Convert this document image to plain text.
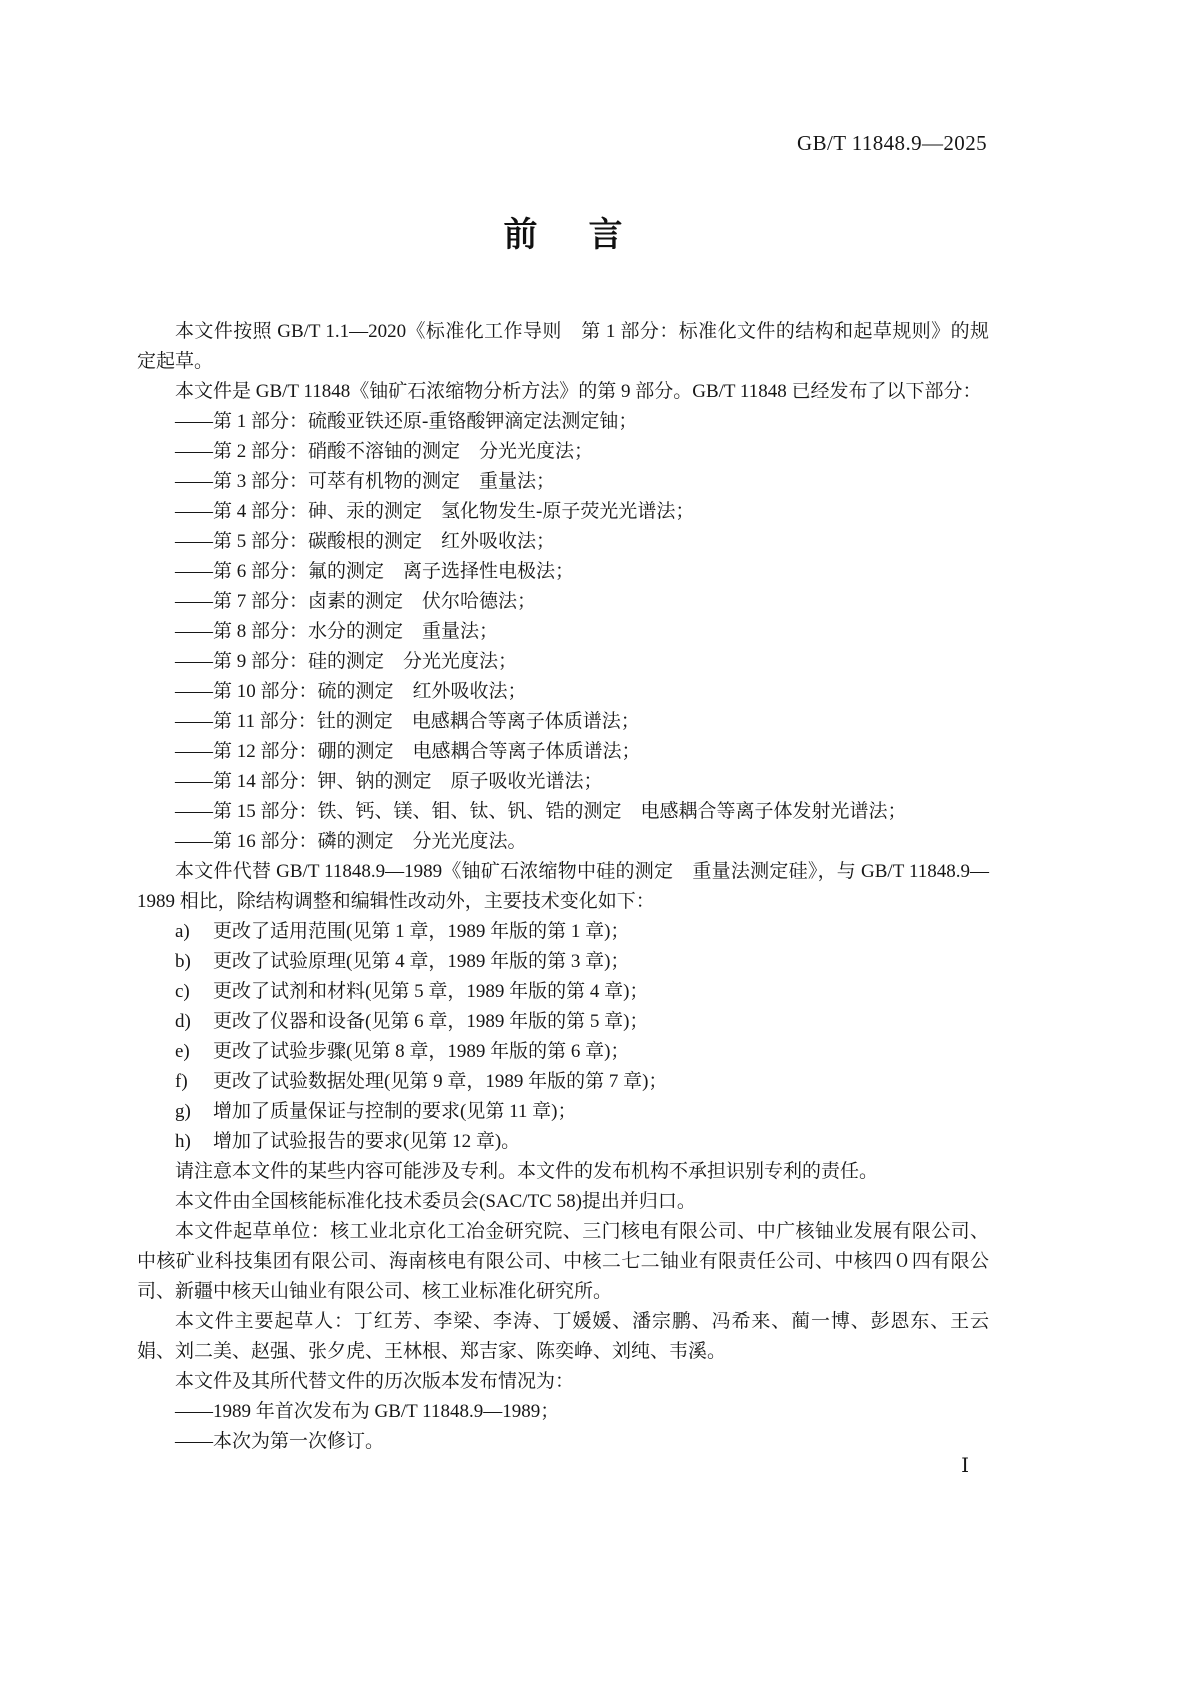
GB/T 11848.9—2025
前　言

本文件按照 GB/T 1.1—2020《标准化工作导则　第 1 部分：标准化文件的结构和起草规则》的规定起草。

本文件是 GB/T 11848《铀矿石浓缩物分析方法》的第 9 部分。GB/T 11848 已经发布了以下部分：

——第 1 部分：硫酸亚铁还原-重铬酸钾滴定法测定铀；

——第 2 部分：硝酸不溶铀的测定　分光光度法；

——第 3 部分：可萃有机物的测定　重量法；

——第 4 部分：砷、汞的测定　氢化物发生-原子荧光光谱法；

——第 5 部分：碳酸根的测定　红外吸收法；

——第 6 部分：氟的测定　离子选择性电极法；

——第 7 部分：卤素的测定　伏尔哈德法；

——第 8 部分：水分的测定　重量法；

——第 9 部分：硅的测定　分光光度法；

——第 10 部分：硫的测定　红外吸收法；

——第 11 部分：钍的测定　电感耦合等离子体质谱法；

——第 12 部分：硼的测定　电感耦合等离子体质谱法；

——第 14 部分：钾、钠的测定　原子吸收光谱法；

——第 15 部分：铁、钙、镁、钼、钛、钒、锆的测定　电感耦合等离子体发射光谱法；

——第 16 部分：磷的测定　分光光度法。

本文件代替 GB/T 11848.9—1989《铀矿石浓缩物中硅的测定　重量法测定硅》，与 GB/T 11848.9—1989 相比，除结构调整和编辑性改动外，主要技术变化如下：

a) 更改了适用范围(见第 1 章，1989 年版的第 1 章)；

b) 更改了试验原理(见第 4 章，1989 年版的第 3 章)；

c) 更改了试剂和材料(见第 5 章，1989 年版的第 4 章)；

d) 更改了仪器和设备(见第 6 章，1989 年版的第 5 章)；

e) 更改了试验步骤(见第 8 章，1989 年版的第 6 章)；

f) 更改了试验数据处理(见第 9 章，1989 年版的第 7 章)；

g) 增加了质量保证与控制的要求(见第 11 章)；

h) 增加了试验报告的要求(见第 12 章)。

请注意本文件的某些内容可能涉及专利。本文件的发布机构不承担识别专利的责任。

本文件由全国核能标准化技术委员会(SAC/TC 58)提出并归口。

本文件起草单位：核工业北京化工冶金研究院、三门核电有限公司、中广核铀业发展有限公司、中核矿业科技集团有限公司、海南核电有限公司、中核二七二铀业有限责任公司、中核四０四有限公司、新疆中核天山铀业有限公司、核工业标准化研究所。

本文件主要起草人：丁红芳、李梁、李涛、丁媛媛、潘宗鹏、冯希来、蔺一博、彭恩东、王云娟、刘二美、赵强、张夕虎、王林根、郑吉家、陈奕峥、刘纯、韦溪。

本文件及其所代替文件的历次版本发布情况为：

——1989 年首次发布为 GB/T 11848.9—1989；

——本次为第一次修订。

Ⅰ
